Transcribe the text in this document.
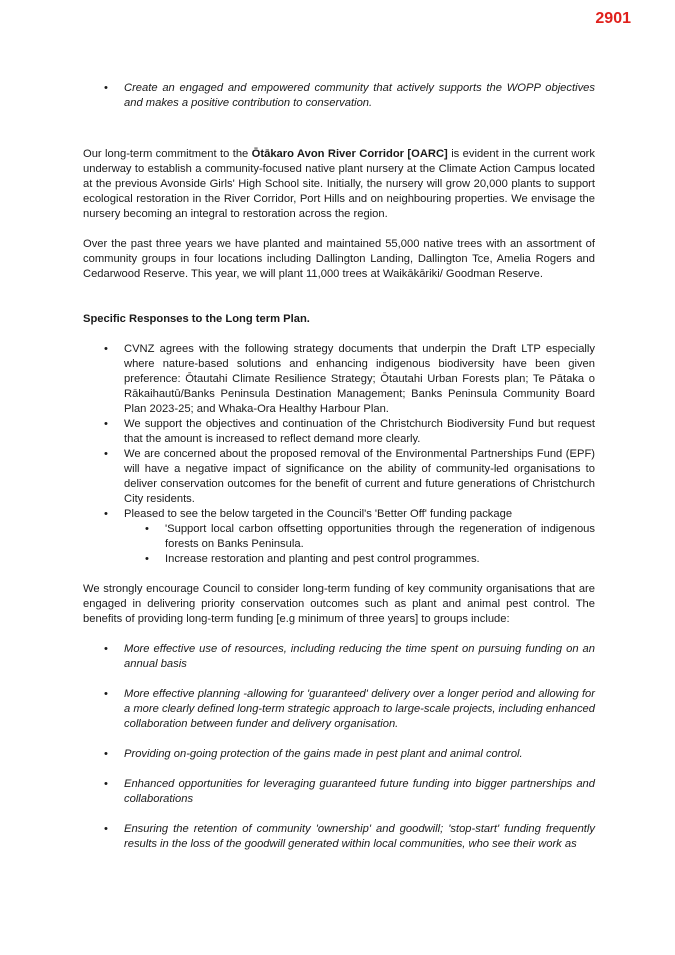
2901
• Create an engaged and empowered community that actively supports the WOPP objectives and makes a positive contribution to conservation.

Our long-term commitment to the Ōtākaro Avon River Corridor [OARC] is evident in the current work underway to establish a community-focused native plant nursery at the Climate Action Campus located at the previous Avonside Girls' High School site. Initially, the nursery will grow 20,000 plants to support ecological restoration in the River Corridor, Port Hills and on neighbouring properties. We envisage the nursery becoming an integral to restoration across the region.

Over the past three years we have planted and maintained 55,000 native trees with an assortment of community groups in four locations including Dallington Landing, Dallington Tce, Amelia Rogers and Cedarwood Reserve. This year, we will plant 11,000 trees at Waikākāriki/ Goodman Reserve.

Specific Responses to the Long term Plan.
• CVNZ agrees with the following strategy documents that underpin the Draft LTP especially where nature-based solutions and enhancing indigenous biodiversity have been given preference: Ōtautahi Climate Resilience Strategy; Ōtautahi Urban Forests plan; Te Pātaka o Rākaihautū/Banks Peninsula Destination Management; Banks Peninsula Community Board Plan 2023-25; and Whaka-Ora Healthy Harbour Plan.
• We support the objectives and continuation of the Christchurch Biodiversity Fund but request that the amount is increased to reflect demand more clearly.
• We are concerned about the proposed removal of the Environmental Partnerships Fund (EPF) will have a negative impact of significance on the ability of community-led organisations to deliver conservation outcomes for the benefit of current and future generations of Christchurch City residents.
• Pleased to see the below targeted in the Council's 'Better Off' funding package
• 'Support local carbon offsetting opportunities through the regeneration of indigenous forests on Banks Peninsula.
• Increase restoration and planting and pest control programmes.

We strongly encourage Council to consider long-term funding of key community organisations that are engaged in delivering priority conservation outcomes such as plant and animal pest control. The benefits of providing long-term funding [e.g minimum of three years] to groups include:

• More effective use of resources, including reducing the time spent on pursuing funding on an annual basis
• More effective planning -allowing for 'guaranteed' delivery over a longer period and allowing for a more clearly defined long-term strategic approach to large-scale projects, including enhanced collaboration between funder and delivery organisation.
• Providing on-going protection of the gains made in pest plant and animal control.
• Enhanced opportunities for leveraging guaranteed future funding into bigger partnerships and collaborations
• Ensuring the retention of community 'ownership' and goodwill; 'stop-start' funding frequently results in the loss of the goodwill generated within local communities, who see their work as
